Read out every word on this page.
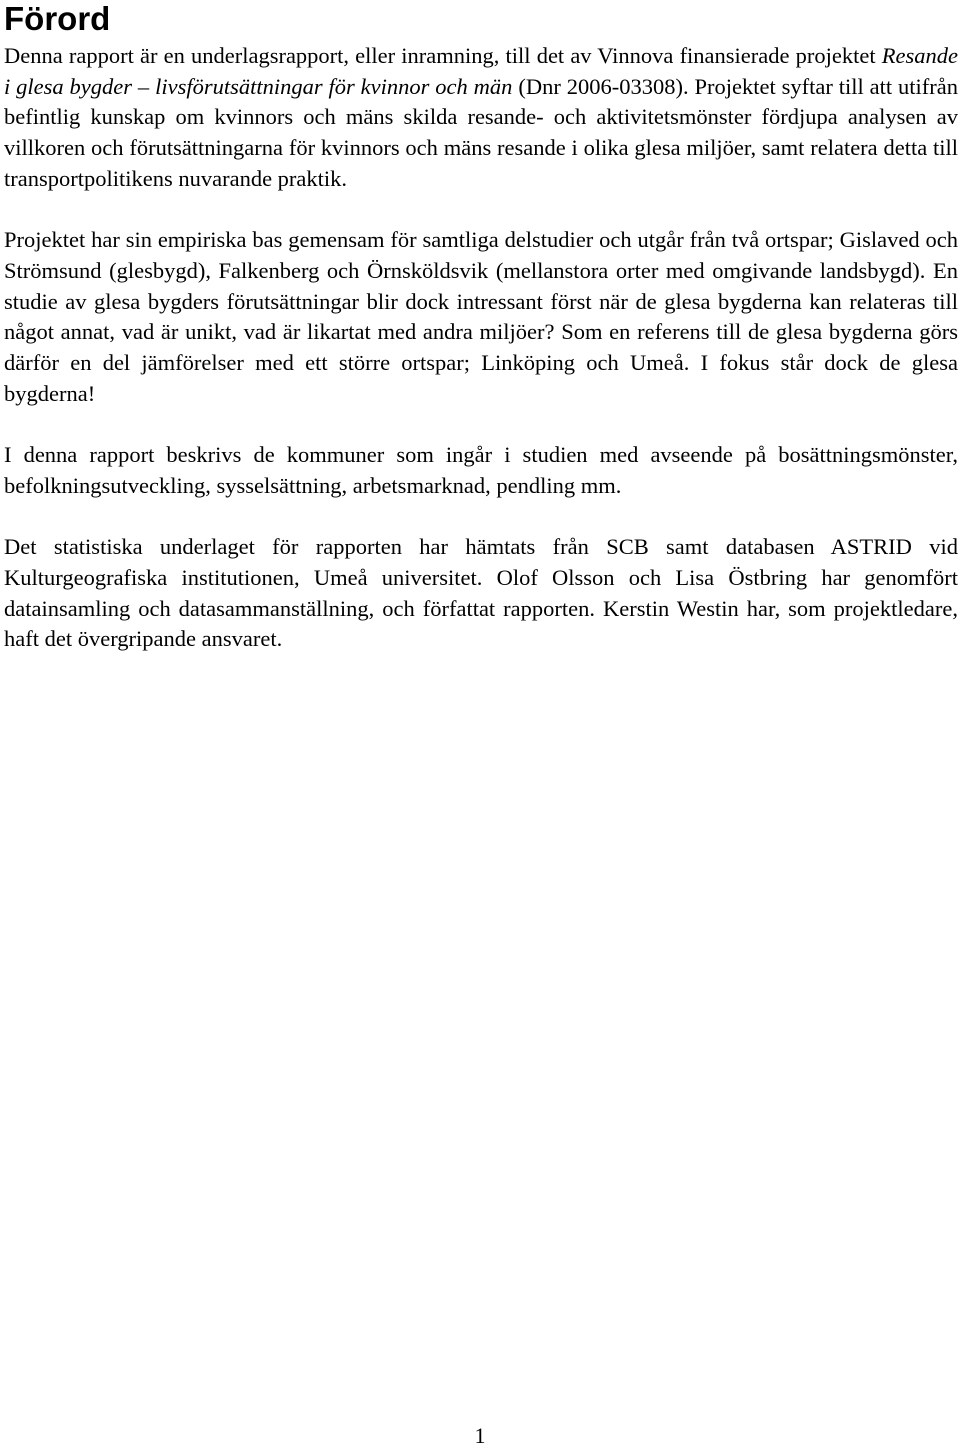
Förord

Denna rapport är en underlagsrapport, eller inramning, till det av Vinnova finansierade projektet Resande i glesa bygder – livsförutsättningar för kvinnor och män (Dnr 2006-03308). Projektet syftar till att utifrån befintlig kunskap om kvinnors och mäns skilda resande- och aktivitetsmönster fördjupa analysen av villkoren och förutsättningarna för kvinnors och mäns resande i olika glesa miljöer, samt relatera detta till transportpolitikens nuvarande praktik.

Projektet har sin empiriska bas gemensam för samtliga delstudier och utgår från två ortspar; Gislaved och Strömsund (glesbygd), Falkenberg och Örnsköldsvik (mellanstora orter med omgivande landsbygd). En studie av glesa bygders förutsättningar blir dock intressant först när de glesa bygderna kan relateras till något annat, vad är unikt, vad är likartat med andra miljöer? Som en referens till de glesa bygderna görs därför en del jämförelser med ett större ortspar; Linköping och Umeå. I fokus står dock de glesa bygderna!

I denna rapport beskrivs de kommuner som ingår i studien med avseende på bosättningsmönster, befolkningsutveckling, sysselsättning, arbetsmarknad, pendling mm.

Det statistiska underlaget för rapporten har hämtats från SCB samt databasen ASTRID vid Kulturgeografiska institutionen, Umeå universitet. Olof Olsson och Lisa Östbring har genomfört datainsamling och datasammanställning, och författat rapporten. Kerstin Westin har, som projektledare, haft det övergripande ansvaret.

1
